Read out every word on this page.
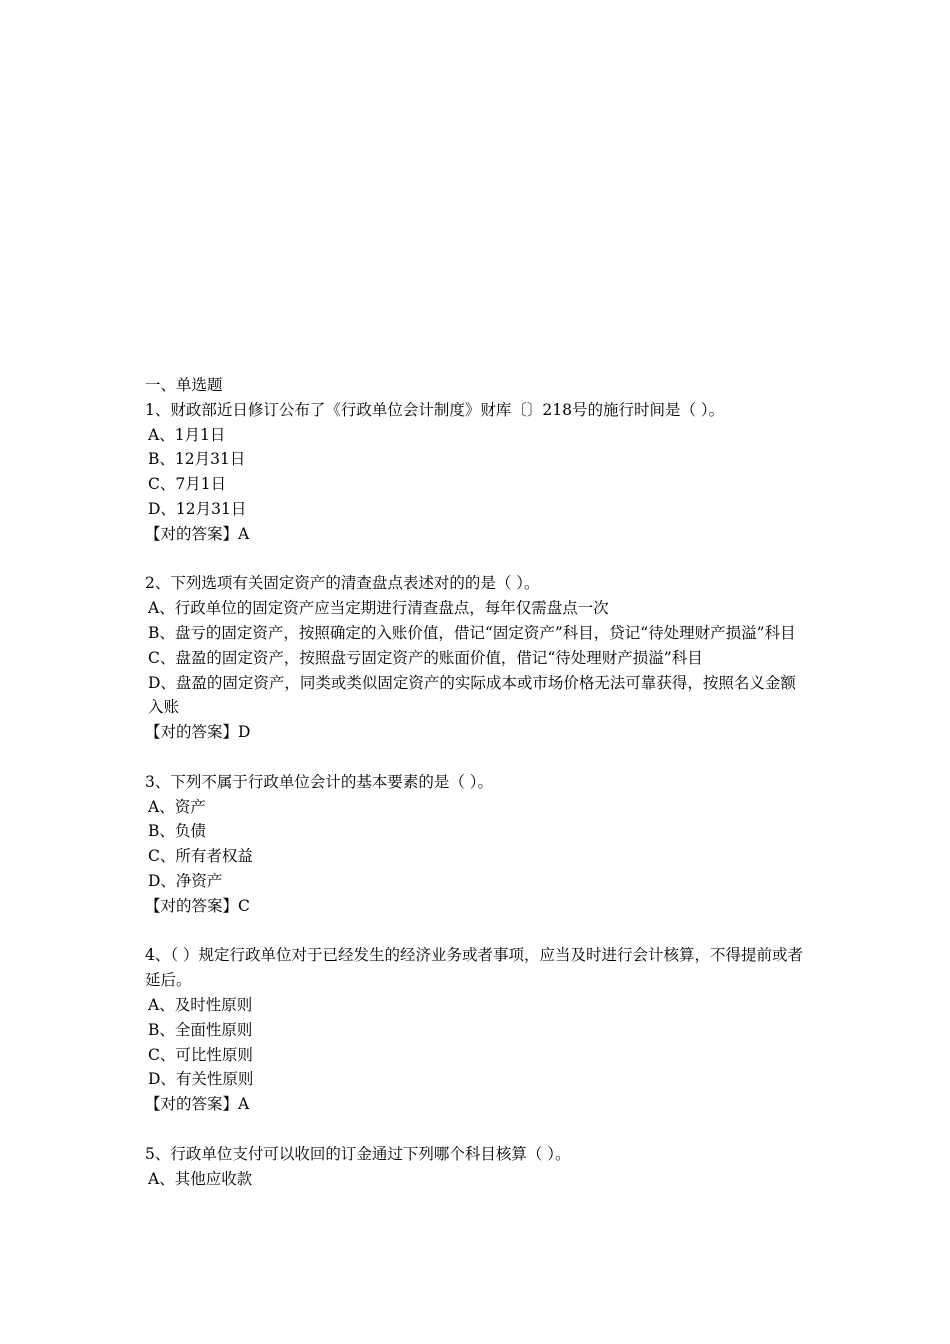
一、单选题
1、财政部近日修订公布了《行政单位会计制度》财库〔〕218号的施行时间是（ ）。
A、1月1日
B、12月31日
C、7月1日
D、12月31日
【对的答案】A
2、下列选项有关固定资产的清查盘点表述对的的是（ ）。
A、行政单位的固定资产应当定期进行清查盘点，每年仅需盘点一次
B、盘亏的固定资产，按照确定的入账价值，借记“固定资产”科目，贷记“待处理财产损溢”科目
C、盘盈的固定资产，按照盘亏固定资产的账面价值，借记“待处理财产损溢”科目
D、盘盈的固定资产，同类或类似固定资产的实际成本或市场价格无法可靠获得，按照名义金额入账
【对的答案】D
3、下列不属于行政单位会计的基本要素的是（ ）。
A、资产
B、负债
C、所有者权益
D、净资产
【对的答案】C
4、（ ）规定行政单位对于已经发生的经济业务或者事项，应当及时进行会计核算，不得提前或者延后。
A、及时性原则
B、全面性原则
C、可比性原则
D、有关性原则
【对的答案】A
5、行政单位支付可以收回的订金通过下列哪个科目核算（ ）。
A、其他应收款
